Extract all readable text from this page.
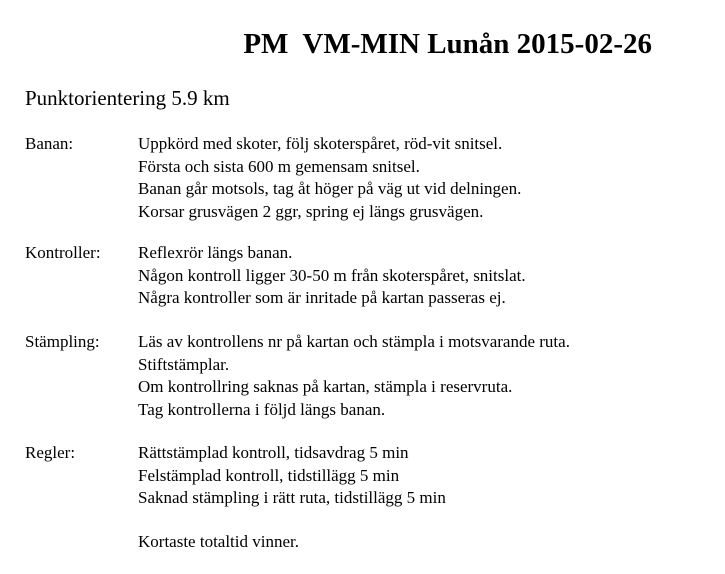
PM  VM-MIN Lunån 2015-02-26
Punktorientering 5.9 km
Banan:	Uppkörd med skoter, följ skoterspåret, röd-vit snitsel.
Första och sista 600 m gemensam snitsel.
Banan går motsols, tag åt höger på väg ut vid delningen.
Korsar grusvägen 2 ggr, spring ej längs grusvägen.
Kontroller: Reflexrör längs banan.
Någon kontroll ligger 30-50 m från skoterspåret, snitslat.
Några kontroller som är inritade på kartan passeras ej.
Stämpling: Läs av kontrollens nr på kartan och stämpla i motsvarande ruta.
Stiftstämplar.
Om kontrollring saknas på kartan, stämpla i reservruta.
Tag kontrollerna i följd längs banan.
Regler:	Rättstämplad kontroll, tidsavdrag 5 min
Felstämplad kontroll, tidstillägg 5 min
Saknad stämpling i rätt ruta, tidstillägg 5 min
Kortaste totaltid vinner.
